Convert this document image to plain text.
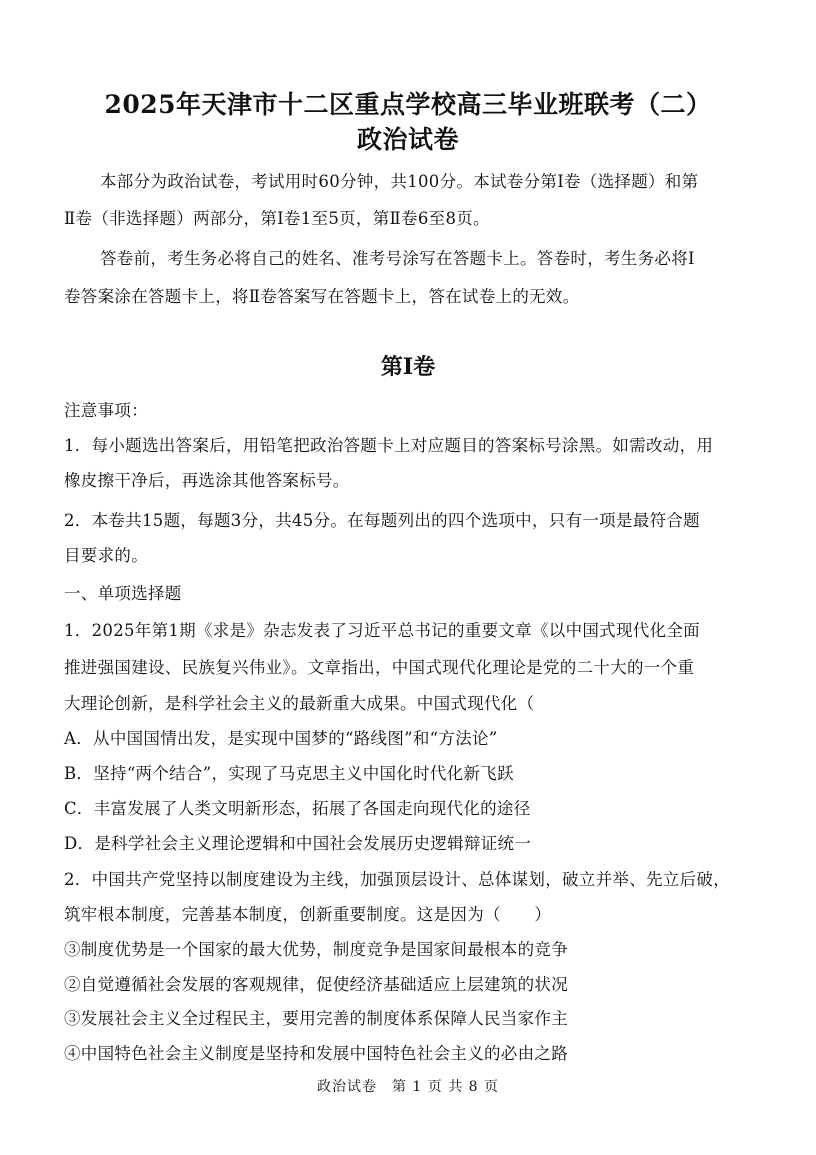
2025年天津市十二区重点学校高三毕业班联考（二）
政治试卷
本部分为政治试卷，考试用时60分钟，共100分。本试卷分第Ⅰ卷（选择题）和第
Ⅱ卷（非选择题）两部分，第Ⅰ卷1至5页，第Ⅱ卷6至8页。
答卷前，考生务必将自己的姓名、准考号涂写在答题卡上。答卷时，考生务必将Ⅰ
卷答案涂在答题卡上，将Ⅱ卷答案写在答题卡上，答在试卷上的无效。
第Ⅰ卷
注意事项：
1．每小题选出答案后，用铅笔把政治答题卡上对应题目的答案标号涂黑。如需改动，用
橡皮擦干净后，再选涂其他答案标号。
2．本卷共15题，每题3分，共45分。在每题列出的四个选项中，只有一项是最符合题
目要求的。
一、单项选择题
1．2025年第1期《求是》杂志发表了习近平总书记的重要文章《以中国式现代化全面
推进强国建设、民族复兴伟业》。文章指出，中国式现代化理论是党的二十大的一个重
大理论创新，是科学社会主义的最新重大成果。中国式现代化（
A．从中国国情出发，是实现中国梦的“路线图”和“方法论”
B．坚持“两个结合”，实现了马克思主义中国化时代化新飞跃
C．丰富发展了人类文明新形态，拓展了各国走向现代化的途径
D．是科学社会主义理论逻辑和中国社会发展历史逻辑辩证统一
2．中国共产党坚持以制度建设为主线，加强顶层设计、总体谋划，破立并举、先立后破，
筑牢根本制度，完善基本制度，创新重要制度。这是因为（　　）
③制度优势是一个国家的最大优势，制度竞争是国家间最根本的竞争
②自觉遵循社会发展的客观规律，促使经济基础适应上层建筑的状况
③发展社会主义全过程民主，要用完善的制度体系保障人民当家作主
④中国特色社会主义制度是坚持和发展中国特色社会主义的必由之路
政治试卷　第 1 页 共 8 页
